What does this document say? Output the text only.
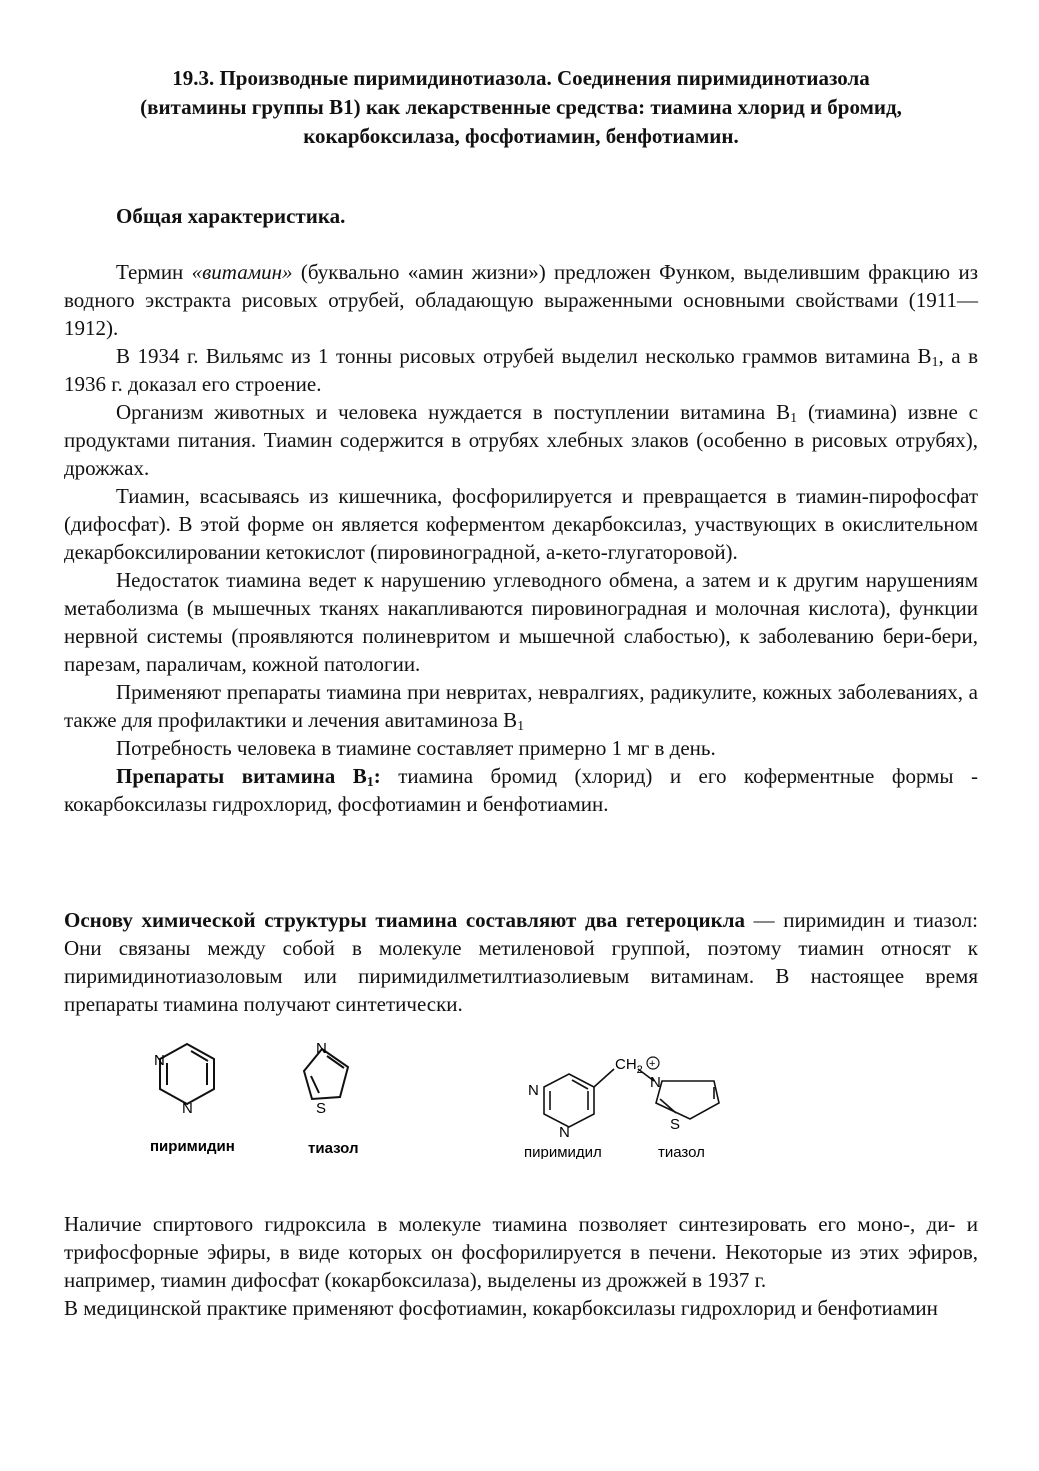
19.3. Производные пиримидинотиазола. Соединения пиримидинотиазола
(витамины группы B1) как лекарственные средства: тиамина хлорид и бромид,
кокарбоксилаза, фосфотиамин, бенфотиамин.
Общая характеристика.

Термин «витамин» (буквально «амин жизни») предложен Функом, выделившим фракцию из водного экстракта рисовых отрубей, обладающую выраженными основными свойствами (1911—1912).

В 1934 г. Вильямс из 1 тонны рисовых отрубей выделил несколько граммов витамина $В_1$, а в 1936 г. доказал его строение.

Организм животных и человека нуждается в поступлении витамина $В_1$ (тиамина) извне с продуктами питания. Тиамин содержится в отрубях хлебных злаков (особенно в рисовых отрубях), дрожжах.

Тиамин, всасываясь из кишечника, фосфорилируется и превращается в тиамин-пирофосфат (дифосфат). В этой форме он является коферментом декарбоксилаз, участвующих в окислительном декарбоксилировании кетокислот (пировиноградной, а-кето-глугаторовой).

Недостаток тиамина ведет к нарушению углеводного обмена, а затем и к другим нарушениям метаболизма (в мышечных тканях накапливаются пировиноградная и молочная кислота), функции нервной системы (проявляются полиневритом и мышечной слабостью), к заболеванию бери-бери, парезам, параличам, кожной патологии.

Применяют препараты тиамина при невритах, невралгиях, радикулите, кожных заболеваниях, а также для профилактики и лечения авитаминоза $В_1$

Потребность человека в тиамине составляет примерно 1 мг в день.

Препараты витамина $В_1$: тиамина бромид (хлорид) и его коферментные формы - кокарбоксилазы гидрохлорид, фосфотиамин и бенфотиамин.

Основу химической структуры тиамина составляют два гетероцикла — пиримидин и тиазол: Они связаны между собой в молекуле метиленовой группой, поэтому тиамин относят к пиримидинотиазоловым или пиримидилметилтиазолиевым витаминам. В настоящее время препараты тиамина получают синтетически.

N
N
пиримидин
N
S
тиазол
N
N
$CH_2$ +
N
S
пиримидил	тиазол

Наличие спиртового гидроксила в молекуле тиамина позволяет синтезировать его моно-, ди- и трифосфорные эфиры, в виде которых он фосфорилируется в печени. Некоторые из этих эфиров, например, тиамин дифосфат (кокарбоксилаза), выделены из дрожжей в 1937 г.

В медицинской практике применяют фосфотиамин, кокарбоксилазы гидрохлорид и бенфотиамин
